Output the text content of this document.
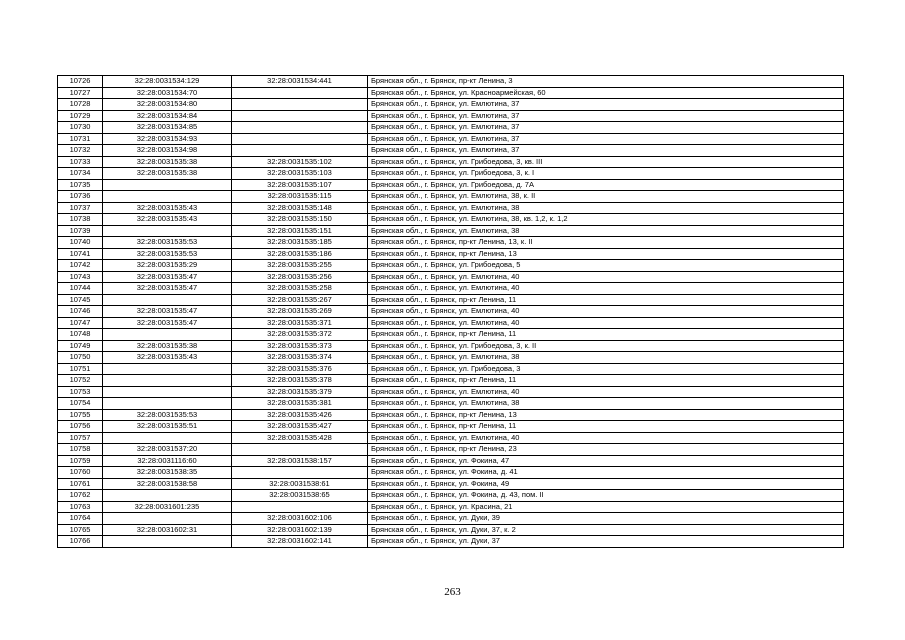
10726	32:28:0031534:129	32:28:0031534:441	Брянская обл., г. Брянск, пр-кт Ленина, 3
10727	32:28:0031534:70		Брянская обл., г. Брянск, ул. Красноармейская, 60
10728	32:28:0031534:80		Брянская обл., г. Брянск, ул. Емлютина, 37
10729	32:28:0031534:84		Брянская обл., г. Брянск, ул. Емлютина, 37
10730	32:28:0031534:85		Брянская обл., г. Брянск, ул. Емлютина, 37
10731	32:28:0031534:93		Брянская обл., г. Брянск, ул. Емлютина, 37
10732	32:28:0031534:98		Брянская обл., г. Брянск, ул. Емлютина, 37
10733	32:28:0031535:38	32:28:0031535:102	Брянская обл., г. Брянск, ул. Грибоедова, 3, кв. III
10734	32:28:0031535:38	32:28:0031535:103	Брянская обл., г. Брянск, ул. Грибоедова, 3, к. I
10735		32:28:0031535:107	Брянская обл., г. Брянск, ул. Грибоедова, д. 7А
10736		32:28:0031535:115	Брянская обл., г. Брянск, ул. Емлютина, 38, к. II
10737	32:28:0031535:43	32:28:0031535:148	Брянская обл., г. Брянск, ул. Емлютина, 38
10738	32:28:0031535:43	32:28:0031535:150	Брянская обл., г. Брянск, ул. Емлютина, 38, кв. 1,2, к. 1,2
10739		32:28:0031535:151	Брянская обл., г. Брянск, ул. Емлютина, 38
10740	32:28:0031535:53	32:28:0031535:185	Брянская обл., г. Брянск, пр-кт Ленина, 13, к. II
10741	32:28:0031535:53	32:28:0031535:186	Брянская обл., г. Брянск, пр-кт Ленина, 13
10742	32:28:0031535:29	32:28:0031535:255	Брянская обл., г. Брянск, ул. Грибоедова, 5
10743	32:28:0031535:47	32:28:0031535:256	Брянская обл., г. Брянск, ул. Емлютина, 40
10744	32:28:0031535:47	32:28:0031535:258	Брянская обл., г. Брянск, ул. Емлютина, 40
10745		32:28:0031535:267	Брянская обл., г. Брянск, пр-кт Ленина, 11
10746	32:28:0031535:47	32:28:0031535:269	Брянская обл., г. Брянск, ул. Емлютина, 40
10747	32:28:0031535:47	32:28:0031535:371	Брянская обл., г. Брянск, ул. Емлютина, 40
10748		32:28:0031535:372	Брянская обл., г. Брянск, пр-кт Ленина, 11
10749	32:28:0031535:38	32:28:0031535:373	Брянская обл., г. Брянск, ул. Грибоедова, 3, к. II
10750	32:28:0031535:43	32:28:0031535:374	Брянская обл., г. Брянск, ул. Емлютина, 38
10751		32:28:0031535:376	Брянская обл., г. Брянск, ул. Грибоедова, 3
10752		32:28:0031535:378	Брянская обл., г. Брянск, пр-кт Ленина, 11
10753		32:28:0031535:379	Брянская обл., г. Брянск, ул. Емлютина, 40
10754		32:28:0031535:381	Брянская обл., г. Брянск, ул. Емлютина, 38
10755	32:28:0031535:53	32:28:0031535:426	Брянская обл., г. Брянск, пр-кт Ленина, 13
10756	32:28:0031535:51	32:28:0031535:427	Брянская обл., г. Брянск, пр-кт Ленина, 11
10757		32:28:0031535:428	Брянская обл., г. Брянск, ул. Емлютина, 40
10758	32:28:0031537:20		Брянская обл., г. Брянск, пр-кт Ленина, 23
10759	32:28:0031116:60	32:28:0031538:157	Брянская обл., г. Брянск, ул. Фокина, 47
10760	32:28:0031538:35		Брянская обл., г. Брянск, ул. Фокина, д. 41
10761	32:28:0031538:58	32:28:0031538:61	Брянская обл., г. Брянск, ул. Фокина, 49
10762		32:28:0031538:65	Брянская обл., г. Брянск, ул. Фокина, д. 43, пом. II
10763	32:28:0031601:235		Брянская обл., г. Брянск, ул. Красина, 21
10764		32:28:0031602:106	Брянская обл., г. Брянск, ул. Дуки, 39
10765	32:28:0031602:31	32:28:0031602:139	Брянская обл., г. Брянск, ул. Дуки, 37, к. 2
10766		32:28:0031602:141	Брянская обл., г. Брянск, ул. Дуки, 37
263
